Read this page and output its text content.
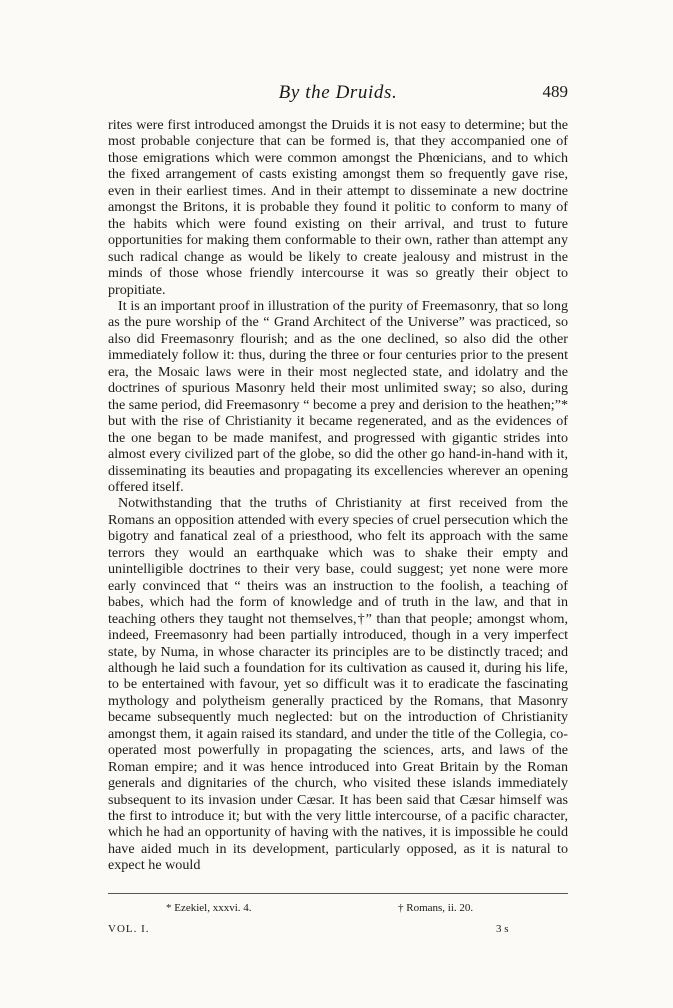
By the Druids.	489

rites were first introduced amongst the Druids it is not easy to determine; but the most probable conjecture that can be formed is, that they accompanied one of those emigrations which were common amongst the Phœnicians, and to which the fixed arrangement of casts existing amongst them so frequently gave rise, even in their earliest times. And in their attempt to disseminate a new doctrine amongst the Britons, it is probable they found it politic to conform to many of the habits which were found existing on their arrival, and trust to future opportunities for making them conformable to their own, rather than attempt any such radical change as would be likely to create jealousy and mistrust in the minds of those whose friendly intercourse it was so greatly their object to propitiate.

It is an important proof in illustration of the purity of Freemasonry, that so long as the pure worship of the “ Grand Architect of the Universe” was practiced, so also did Freemasonry flourish; and as the one declined, so also did the other immediately follow it: thus, during the three or four centuries prior to the present era, the Mosaic laws were in their most neglected state, and idolatry and the doctrines of spurious Masonry held their most unlimited sway; so also, during the same period, did Freemasonry “ become a prey and derision to the heathen;”* but with the rise of Christianity it became regenerated, and as the evidences of the one began to be made manifest, and progressed with gigantic strides into almost every civilized part of the globe, so did the other go hand-in-hand with it, disseminating its beauties and propagating its excellencies wherever an opening offered itself.

Notwithstanding that the truths of Christianity at first received from the Romans an opposition attended with every species of cruel persecution which the bigotry and fanatical zeal of a priesthood, who felt its approach with the same terrors they would an earthquake which was to shake their empty and unintelligible doctrines to their very base, could suggest; yet none were more early convinced that “ theirs was an instruction to the foolish, a teaching of babes, which had the form of knowledge and of truth in the law, and that in teaching others they taught not themselves,†” than that people; amongst whom, indeed, Freemasonry had been partially introduced, though in a very imperfect state, by Numa, in whose character its principles are to be distinctly traced; and although he laid such a foundation for its cultivation as caused it, during his life, to be entertained with favour, yet so difficult was it to eradicate the fascinating mythology and polytheism generally practiced by the Romans, that Masonry became subsequently much neglected: but on the introduction of Christianity amongst them, it again raised its standard, and under the title of the Collegia, co-operated most powerfully in propagating the sciences, arts, and laws of the Roman empire; and it was hence introduced into Great Britain by the Roman generals and dignitaries of the church, who visited these islands immediately subsequent to its invasion under Cæsar. It has been said that Cæsar himself was the first to introduce it; but with the very little intercourse, of a pacific character, which he had an opportunity of having with the natives, it is impossible he could have aided much in its development, particularly opposed, as it is natural to expect he would

* Ezekiel, xxxvi. 4.	† Romans, ii. 20.
VOL. I.	3 s
